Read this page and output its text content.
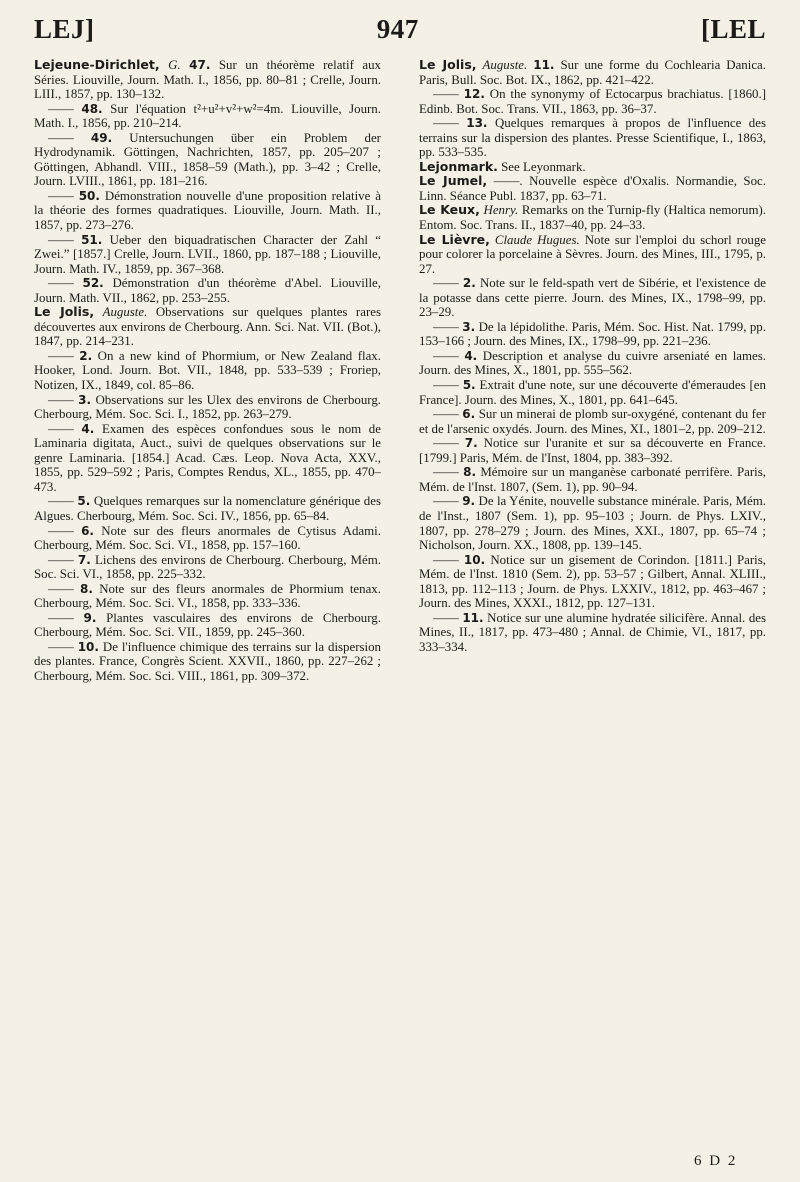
LEJ]	947	[LEL

Lejeune-Dirichlet, G. 47. Sur un théorème relatif aux Séries. Liouville, Journ. Math. I., 1856, pp. 80–81 ; Crelle, Journ. LIII., 1857, pp. 130–132.

—— 48. Sur l'équation t²+u²+v²+w²=4m. Liouville, Journ. Math. I., 1856, pp. 210–214.

—— 49. Untersuchungen über ein Problem der Hydrodynamik. Göttingen, Nachrichten, 1857, pp. 205–207 ; Göttingen, Abhandl. VIII., 1858–59 (Math.), pp. 3–42 ; Crelle, Journ. LVIII., 1861, pp. 181–216.

—— 50. Démonstration nouvelle d'une proposition relative à la théorie des formes quadratiques. Liouville, Journ. Math. II., 1857, pp. 273–276.

—— 51. Ueber den biquadratischen Character der Zahl “ Zwei.” [1857.] Crelle, Journ. LVII., 1860, pp. 187–188 ; Liouville, Journ. Math. IV., 1859, pp. 367–368.

—— 52. Démonstration d'un théorème d'Abel. Liouville, Journ. Math. VII., 1862, pp. 253–255.

Le Jolis, Auguste. Observations sur quelques plantes rares découvertes aux environs de Cherbourg. Ann. Sci. Nat. VII. (Bot.), 1847, pp. 214–231.

—— 2. On a new kind of Phormium, or New Zealand flax. Hooker, Lond. Journ. Bot. VII., 1848, pp. 533–539 ; Froriep, Notizen, IX., 1849, col. 85–86.

—— 3. Observations sur les Ulex des environs de Cherbourg. Cherbourg, Mém. Soc. Sci. I., 1852, pp. 263–279.

—— 4. Examen des espèces confondues sous le nom de Laminaria digitata, Auct., suivi de quelques observations sur le genre Laminaria. [1854.] Acad. Cæs. Leop. Nova Acta, XXV., 1855, pp. 529–592 ; Paris, Comptes Rendus, XL., 1855, pp. 470–473.

—— 5. Quelques remarques sur la nomenclature générique des Algues. Cherbourg, Mém. Soc. Sci. IV., 1856, pp. 65–84.

—— 6. Note sur des fleurs anormales de Cytisus Adami. Cherbourg, Mém. Soc. Sci. VI., 1858, pp. 157–160.

—— 7. Lichens des environs de Cherbourg. Cherbourg, Mém. Soc. Sci. VI., 1858, pp. 225–332.

—— 8. Note sur des fleurs anormales de Phormium tenax. Cherbourg, Mém. Soc. Sci. VI., 1858, pp. 333–336.

—— 9. Plantes vasculaires des environs de Cherbourg. Cherbourg, Mém. Soc. Sci. VII., 1859, pp. 245–360.

—— 10. De l'influence chimique des terrains sur la dispersion des plantes. France, Congrès Scient. XXVII., 1860, pp. 227–262 ; Cherbourg, Mém. Soc. Sci. VIII., 1861, pp. 309–372.

Le Jolis, Auguste. 11. Sur une forme du Cochlearia Danica. Paris, Bull. Soc. Bot. IX., 1862, pp. 421–422.

—— 12. On the synonymy of Ectocarpus brachiatus. [1860.] Edinb. Bot. Soc. Trans. VII., 1863, pp. 36–37.

—— 13. Quelques remarques à propos de l'influence des terrains sur la dispersion des plantes. Presse Scientifique, I., 1863, pp. 533–535.

Lejonmark. See Leyonmark.

Le Jumel, ——. Nouvelle espèce d'Oxalis. Normandie, Soc. Linn. Séance Publ. 1837, pp. 63–71.

Le Keux, Henry. Remarks on the Turnip-fly (Haltica nemorum). Entom. Soc. Trans. II., 1837–40, pp. 24–33.

Le Lièvre, Claude Hugues. Note sur l'emploi du schorl rouge pour colorer la porcelaine à Sèvres. Journ. des Mines, III., 1795, p. 27.

—— 2. Note sur le feld-spath vert de Sibérie, et l'existence de la potasse dans cette pierre. Journ. des Mines, IX., 1798–99, pp. 23–29.

—— 3. De la lépidolithe. Paris, Mém. Soc. Hist. Nat. 1799, pp. 153–166 ; Journ. des Mines, IX., 1798–99, pp. 221–236.

—— 4. Description et analyse du cuivre arseniaté en lames. Journ. des Mines, X., 1801, pp. 555–562.

—— 5. Extrait d'une note, sur une découverte d'émeraudes [en France]. Journ. des Mines, X., 1801, pp. 641–645.

—— 6. Sur un minerai de plomb sur-oxygéné, contenant du fer et de l'arsenic oxydés. Journ. des Mines, XI., 1801–2, pp. 209–212.

—— 7. Notice sur l'uranite et sur sa découverte en France. [1799.] Paris, Mém. de l'Inst, 1804, pp. 383–392.

—— 8. Mémoire sur un manganèse carbonaté perrifère. Paris, Mém. de l'Inst. 1807, (Sem. 1), pp. 90–94.

—— 9. De la Yénite, nouvelle substance minérale. Paris, Mém. de l'Inst., 1807 (Sem. 1), pp. 95–103 ; Journ. de Phys. LXIV., 1807, pp. 278–279 ; Journ. des Mines, XXI., 1807, pp. 65–74 ; Nicholson, Journ. XX., 1808, pp. 139–145.

—— 10. Notice sur un gisement de Corindon. [1811.] Paris, Mém. de l'Inst. 1810 (Sem. 2), pp. 53–57 ; Gilbert, Annal. XLIII., 1813, pp. 112–113 ; Journ. de Phys. LXXIV., 1812, pp. 463–467 ; Journ. des Mines, XXXI., 1812, pp. 127–131.

—— 11. Notice sur une alumine hydratée silicifère. Annal. des Mines, II., 1817, pp. 473–480 ; Annal. de Chimie, VI., 1817, pp. 333–334.

6 D 2
